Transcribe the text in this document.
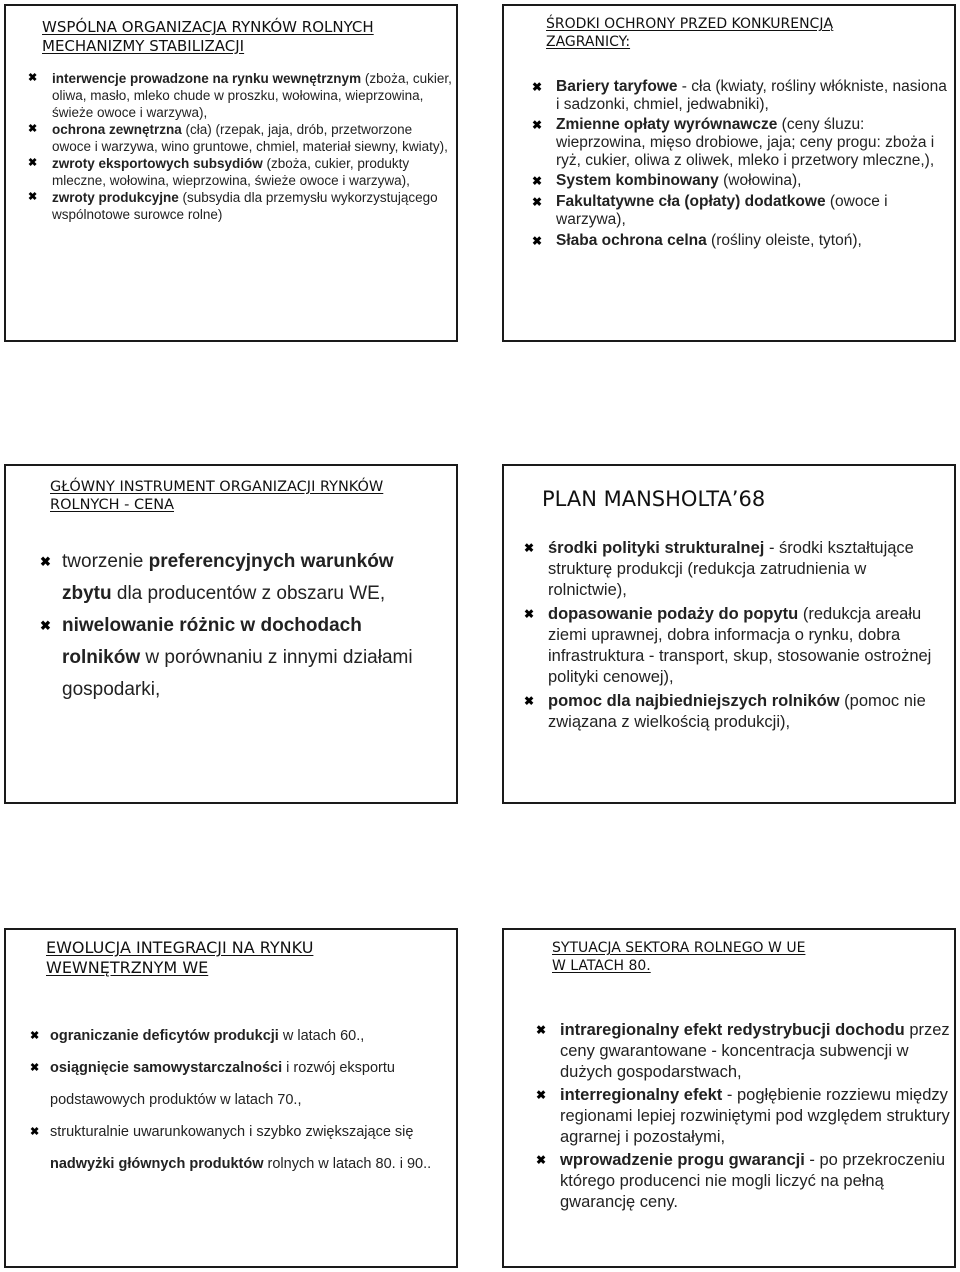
WSPÓLNA ORGANIZACJA RYNKÓW ROLNYCH
MECHANIZMY STABILIZACJI
✖ interwencje prowadzone na rynku wewnętrznym (zboża, cukier, oliwa, masło, mleko chude w proszku, wołowina, wieprzowina, świeże owoce i warzywa),
✖ ochrona zewnętrzna (cła) (rzepak, jaja, drób, przetworzone owoce i warzywa, wino gruntowe, chmiel, materiał siewny, kwiaty),
✖ zwroty eksportowych subsydiów (zboża, cukier, produkty mleczne, wołowina, wieprzowina, świeże owoce i warzywa),
✖ zwroty produkcyjne (subsydia dla przemysłu wykorzystującego wspólnotowe surowce rolne)
ŚRODKI OCHRONY PRZED KONKURENCJĄ
ZAGRANICY:
✖ Bariery taryfowe - cła (kwiaty, rośliny włókniste, nasiona i sadzonki, chmiel, jedwabniki),
✖ Zmienne opłaty wyrównawcze (ceny śluzu: wieprzowina, mięso drobiowe, jaja; ceny progu: zboża i ryż, cukier, oliwa z oliwek, mleko i przetwory mleczne,),
✖ System kombinowany (wołowina),
✖ Fakultatywne cła (opłaty) dodatkowe (owoce i warzywa),
✖ Słaba ochrona celna (rośliny oleiste, tytoń),
GŁÓWNY INSTRUMENT ORGANIZACJI RYNKÓW
ROLNYCH - CENA
✖ tworzenie preferencyjnych warunków zbytu dla producentów z obszaru WE,
✖ niwelowanie różnic w dochodach rolników w porównaniu z innymi działami gospodarki,
PLAN MANSHOLTA’68
✖ środki polityki strukturalnej - środki kształtujące strukturę produkcji (redukcja zatrudnienia w rolnictwie),
✖ dopasowanie podaży do popytu (redukcja areału ziemi uprawnej, dobra informacja o rynku, dobra infrastruktura - transport, skup, stosowanie ostrożnej polityki cenowej),
✖ pomoc dla najbiedniejszych rolników (pomoc nie związana z wielkością produkcji),
EWOLUCJA INTEGRACJI NA RYNKU
WEWNĘTRZNYM WE
✖ ograniczanie deficytów produkcji w latach 60.,
✖ osiągnięcie samowystarczalności i rozwój eksportu podstawowych produktów w latach 70.,
✖ strukturalnie uwarunkowanych i szybko zwiększające się nadwyżki głównych produktów rolnych w latach 80. i 90..
SYTUACJA SEKTORA ROLNEGO W UE
W LATACH 80.
✖ intraregionalny efekt redystrybucji dochodu przez ceny gwarantowane - koncentracja subwencji w dużych gospodarstwach,
✖ interregionalny efekt - pogłębienie rozziewu między regionami lepiej rozwiniętymi pod względem struktury agrarnej i pozostałymi,
✖ wprowadzenie progu gwarancji - po przekroczeniu którego producenci nie mogli liczyć na pełną gwarancję ceny.
